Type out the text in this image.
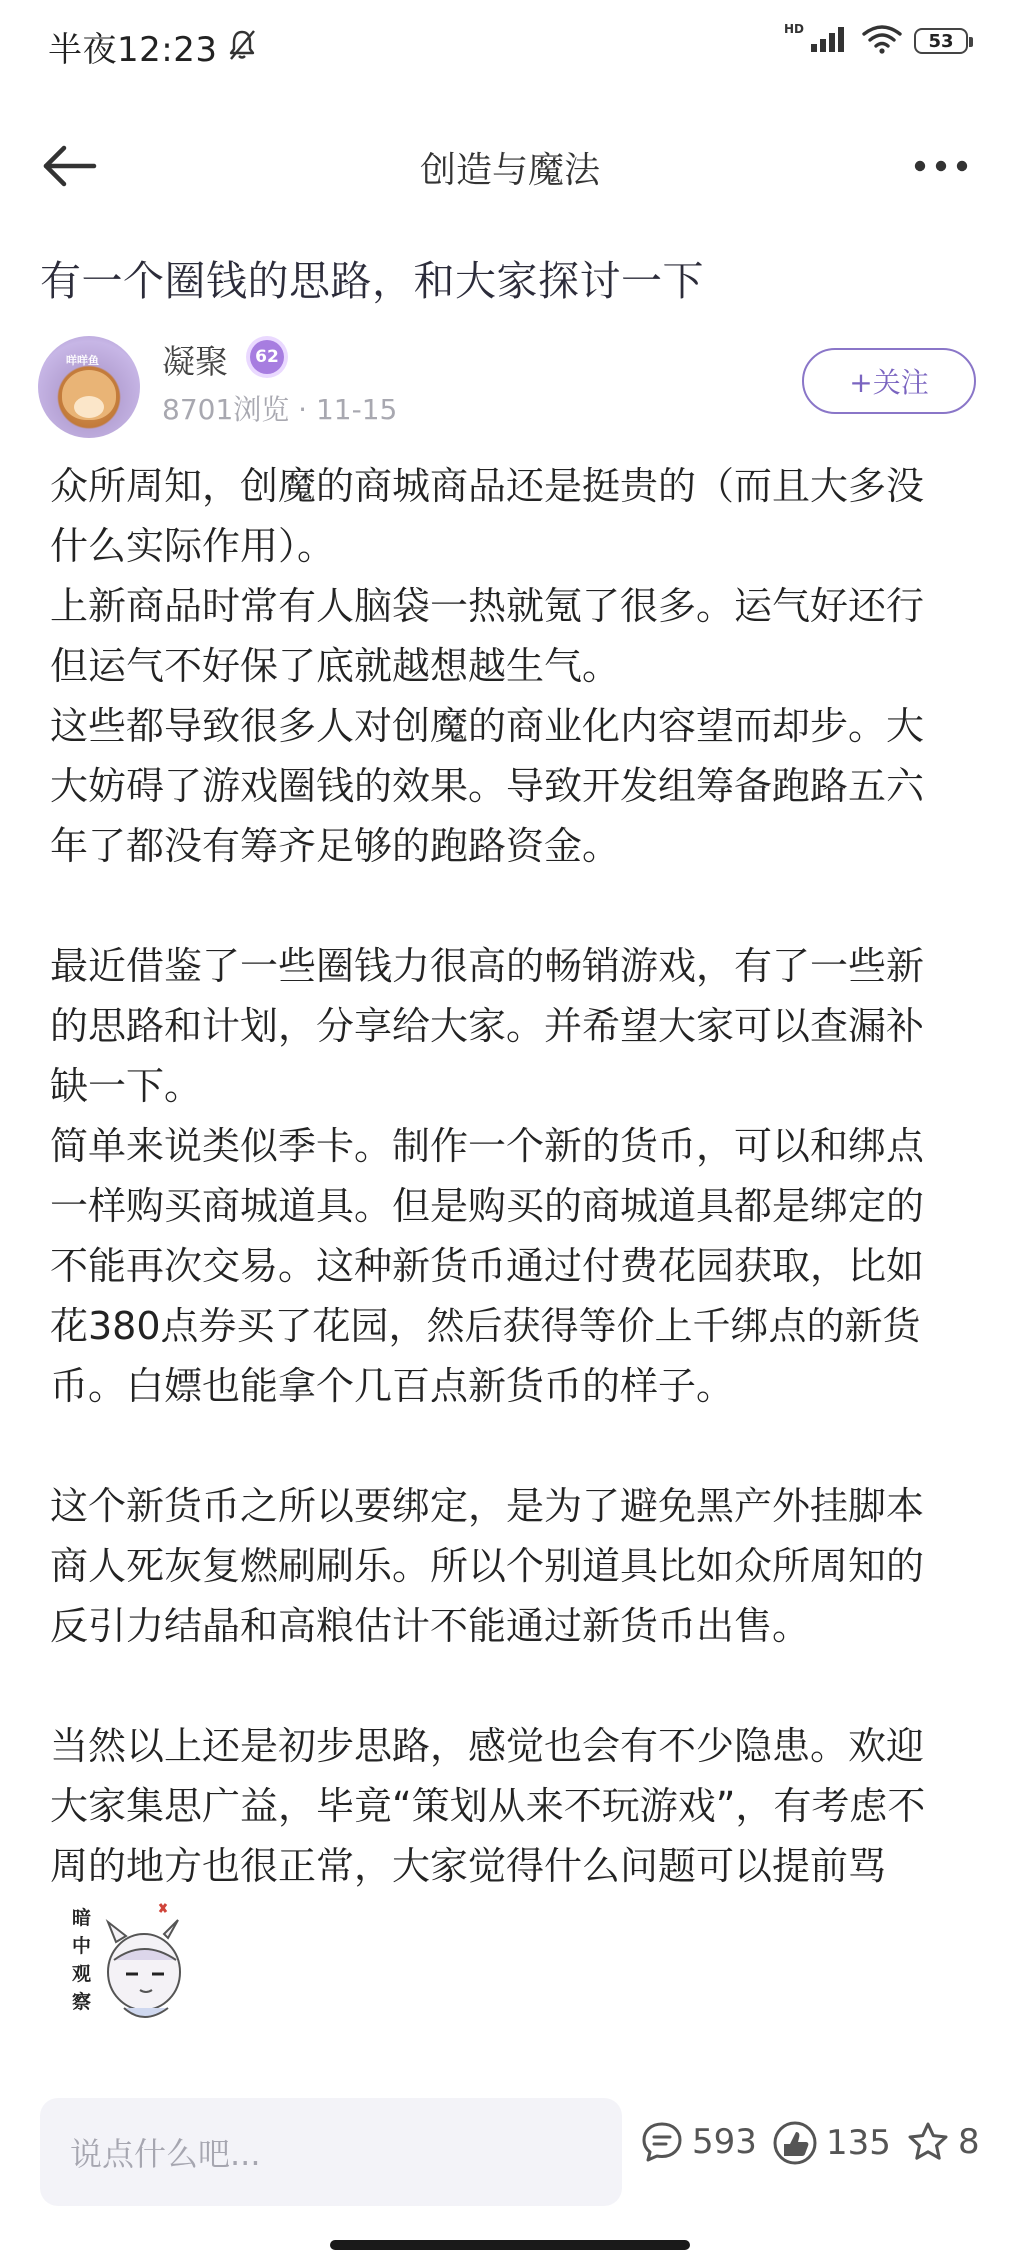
半夜12:23
HD
53
创造与魔法
有一个圈钱的思路，和大家探讨一下
咩咩鱼 凝聚	62
8701浏览 · 11-15
+关注

众所周知，创魔的商城商品还是挺贵的（而且大多没

什么实际作用）。

上新商品时常有人脑袋一热就氪了很多。运气好还行

但运气不好保了底就越想越生气。

这些都导致很多人对创魔的商业化内容望而却步。大

大妨碍了游戏圈钱的效果。导致开发组筹备跑路五六

年了都没有筹齐足够的跑路资金。

最近借鉴了一些圈钱力很高的畅销游戏，有了一些新

的思路和计划，分享给大家。并希望大家可以查漏补

缺一下。

简单来说类似季卡。制作一个新的货币，可以和绑点

一样购买商城道具。但是购买的商城道具都是绑定的

不能再次交易。这种新货币通过付费花园获取，比如

花380点券买了花园，然后获得等价上千绑点的新货

币。白嫖也能拿个几百点新货币的样子。

这个新货币之所以要绑定，是为了避免黑产外挂脚本

商人死灰复燃刷刷乐。所以个别道具比如众所周知的

反引力结晶和高粮估计不能通过新货币出售。

当然以上还是初步思路，感觉也会有不少隐患。欢迎

大家集思广益，毕竟“策划从来不玩游戏”，有考虑不

周的地方也很正常，大家觉得什么问题可以提前骂

暗中观察
说点什么吧...	593 135 8
